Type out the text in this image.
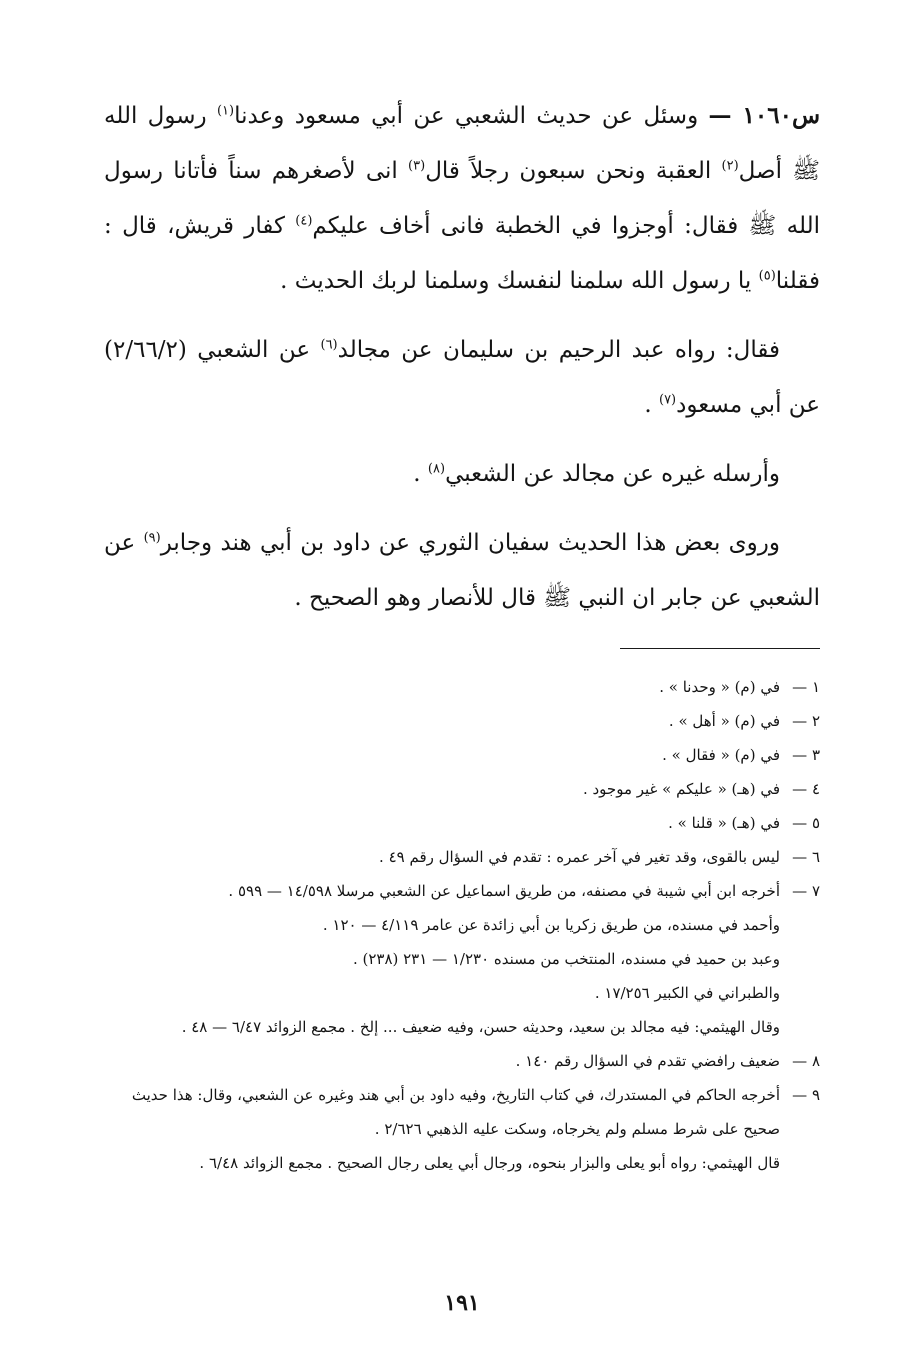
س١٠٦٠ — وسئل عن حديث الشعبي عن أبي مسعود وعدنا$^{(١)}$ رسول الله ﷺ أصل$^{(٢)}$ العقبة ونحن سبعون رجلاً قال$^{(٣)}$ انى لأصغرهم سناً فأتانا رسول الله ﷺ فقال: أوجزوا في الخطبة فانى أخاف عليكم$^{(٤)}$ كفار قريش، قال : فقلنا$^{(٥)}$ يا رسول الله سلمنا لنفسك وسلمنا لربك الحديث .

فقال: رواه عبد الرحيم بن سليمان عن مجالد$^{(٦)}$ عن الشعبي (٢/٦٦/٢) عن أبي مسعود$^{(٧)}$ .

وأرسله غيره عن مجالد عن الشعبي$^{(٨)}$ .

وروى بعض هذا الحديث سفيان الثوري عن داود بن أبي هند وجابر$^{(٩)}$ عن الشعبي عن جابر ان النبي ﷺ قال للأنصار وهو الصحيح .

١ —
في (م) « وحدنا » .
٢ —
في (م) « أهل » .
٣ —
في (م) « فقال » .
٤ —
في (هـ) « عليكم » غير موجود .
٥ —
في (هـ) « قلنا » .
٦ —
ليس بالقوى، وقد تغير في آخر عمره : تقدم في السؤال رقم ٤٩ .
٧ —
أخرجه ابن أبي شيبة في مصنفه، من طريق اسماعيل عن الشعبي مرسلا ١٤/٥٩٨ — ٥٩٩ .
وأحمد في مسنده، من طريق زكريا بن أبي زائدة عن عامر ٤/١١٩ — ١٢٠ .
وعبد بن حميد في مسنده، المنتخب من مسنده ١/٢٣٠ — ٢٣١ (٢٣٨) .
والطبراني في الكبير ١٧/٢٥٦ .
وقال الهيثمي: فيه مجالد بن سعيد، وحديثه حسن، وفيه ضعيف ... إلخ . مجمع الزوائد ٦/٤٧ — ٤٨ .
٨ —
ضعيف رافضي تقدم في السؤال رقم ١٤٠ .
٩ —
أخرجه الحاكم في المستدرك، في كتاب التاريخ، وفيه داود بن أبي هند وغيره عن الشعبي، وقال: هذا حديث صحيح على شرط مسلم ولم يخرجاه، وسكت عليه الذهبي ٢/٦٢٦ .
قال الهيثمي: رواه أبو يعلى والبزار بنحوه، ورجال أبي يعلى رجال الصحيح . مجمع الزوائد ٦/٤٨ .
١٩١
